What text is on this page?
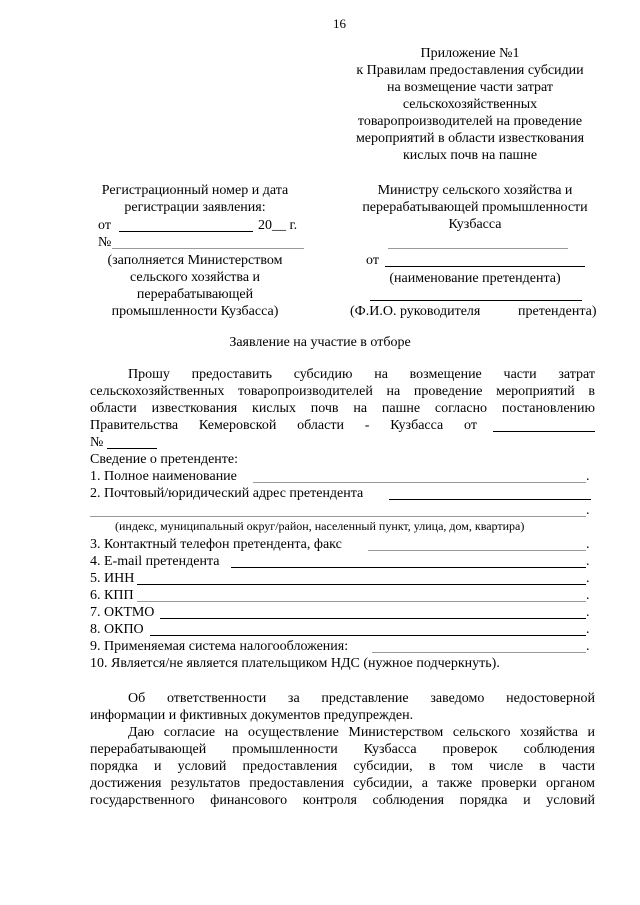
16
Приложение №1
к Правилам предоставления субсидии
на возмещение части затрат
сельскохозяйственных
товаропроизводителей на проведение
мероприятий в области известкования
кислых почв на пашне
Регистрационный номер и дата
регистрации заявления:
от	20__ г.
№
(заполняется Министерством
сельского хозяйства и
перерабатывающей
промышленности Кузбасса)
Министру сельского хозяйства и
перерабатывающей промышленности
Кузбасса
от
(наименование претендента)
(Ф.И.О. руководителя	претендента)
Заявление на участие в отборе
Прошу предоставить субсидию на возмещение части затрат
сельскохозяйственных товаропроизводителей на проведение мероприятий в
области известкования кислых почв на пашне согласно постановлению
Правительства Кемеровской области - Кузбасса от
№
Сведение о претенденте:
1. Полное наименование	.
2. Почтовый/юридический адрес претендента
.
(индекс, муниципальный округ/район, населенный пункт, улица, дом, квартира)
3. Контактный телефон претендента, факс	.
4. E-mail претендента	.
5. ИНН	.
6. КПП	.
7. ОКТМО	.
8. ОКПО	.
9. Применяемая система налогообложения:	.
10. Является/не является плательщиком НДС (нужное подчеркнуть).
Об ответственности за представление заведомо недостоверной
информации и фиктивных документов предупрежден.
Даю согласие на осуществление Министерством сельского хозяйства и
перерабатывающей промышленности Кузбасса проверок соблюдения
порядка и условий предоставления субсидии, в том числе в части
достижения результатов предоставления субсидии, а также проверки органом
государственного финансового контроля соблюдения порядка и условий
